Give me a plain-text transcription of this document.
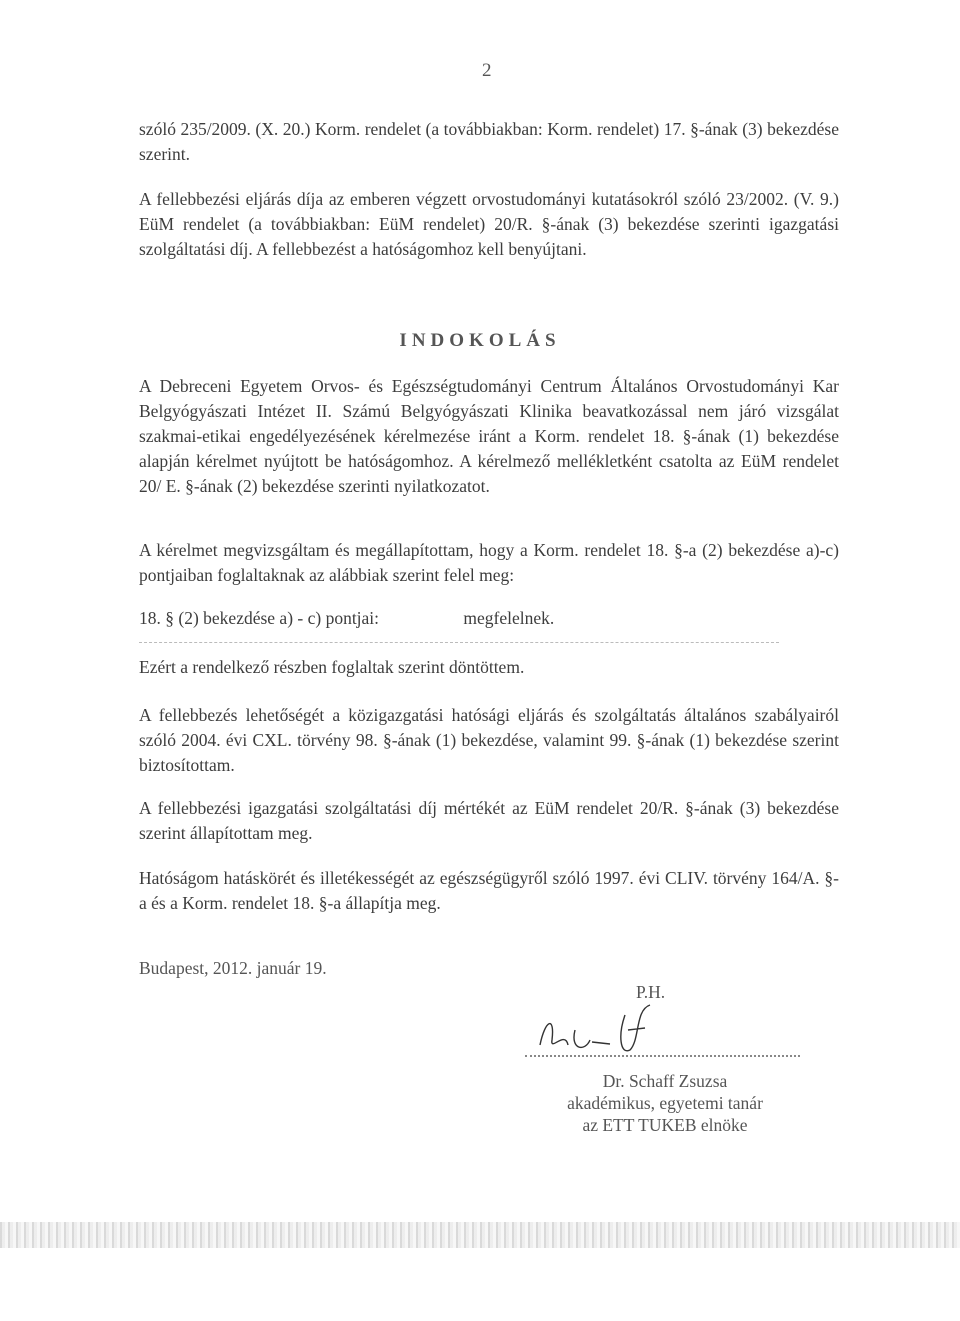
2
szóló 235/2009. (X. 20.) Korm. rendelet (a továbbiakban: Korm. rendelet) 17. §-ának (3) bekezdése szerint.
A fellebbezési eljárás díja az emberen végzett orvostudományi kutatásokról szóló 23/2002. (V. 9.) EüM rendelet (a továbbiakban: EüM rendelet) 20/R. §-ának (3) bekezdése szerinti igazgatási szolgáltatási díj. A fellebbezést a hatóságomhoz kell benyújtani.
INDOKOLÁS
A Debreceni Egyetem Orvos- és Egészségtudományi Centrum Általános Orvostudományi Kar Belgyógyászati Intézet II. Számú Belgyógyászati Klinika beavatkozással nem járó vizsgálat szakmai-etikai engedélyezésének kérelmezése iránt a Korm. rendelet 18. §-ának (1) bekezdése alapján kérelmet nyújtott be hatóságomhoz. A kérelmező mellékletként csatolta az EüM rendelet 20/ E. §-ának (2) bekezdése szerinti nyilatkozatot.
A kérelmet megvizsgáltam és megállapítottam, hogy a Korm. rendelet 18. §-a (2) bekezdése a)-c) pontjaiban foglaltaknak az alábbiak szerint felel meg:
18. § (2) bekezdése a) - c) pontjai:	megfelelnek.
Ezért a rendelkező részben foglaltak szerint döntöttem.
A fellebbezés lehetőségét a közigazgatási hatósági eljárás és szolgáltatás általános szabályairól szóló 2004. évi CXL. törvény 98. §-ának (1) bekezdése, valamint 99. §-ának (1) bekezdése szerint biztosítottam.
A fellebbezési igazgatási szolgáltatási díj mértékét az EüM rendelet 20/R. §-ának (3) bekezdése szerint állapítottam meg.
Hatóságom hatáskörét és illetékességét az egészségügyről szóló 1997. évi CLIV. törvény 164/A. §-a és a Korm. rendelet 18. §-a állapítja meg.
Budapest, 2012. január 19.
P.H.
Dr. Schaff Zsuzsa
akadémikus, egyetemi tanár
az ETT TUKEB elnöke
